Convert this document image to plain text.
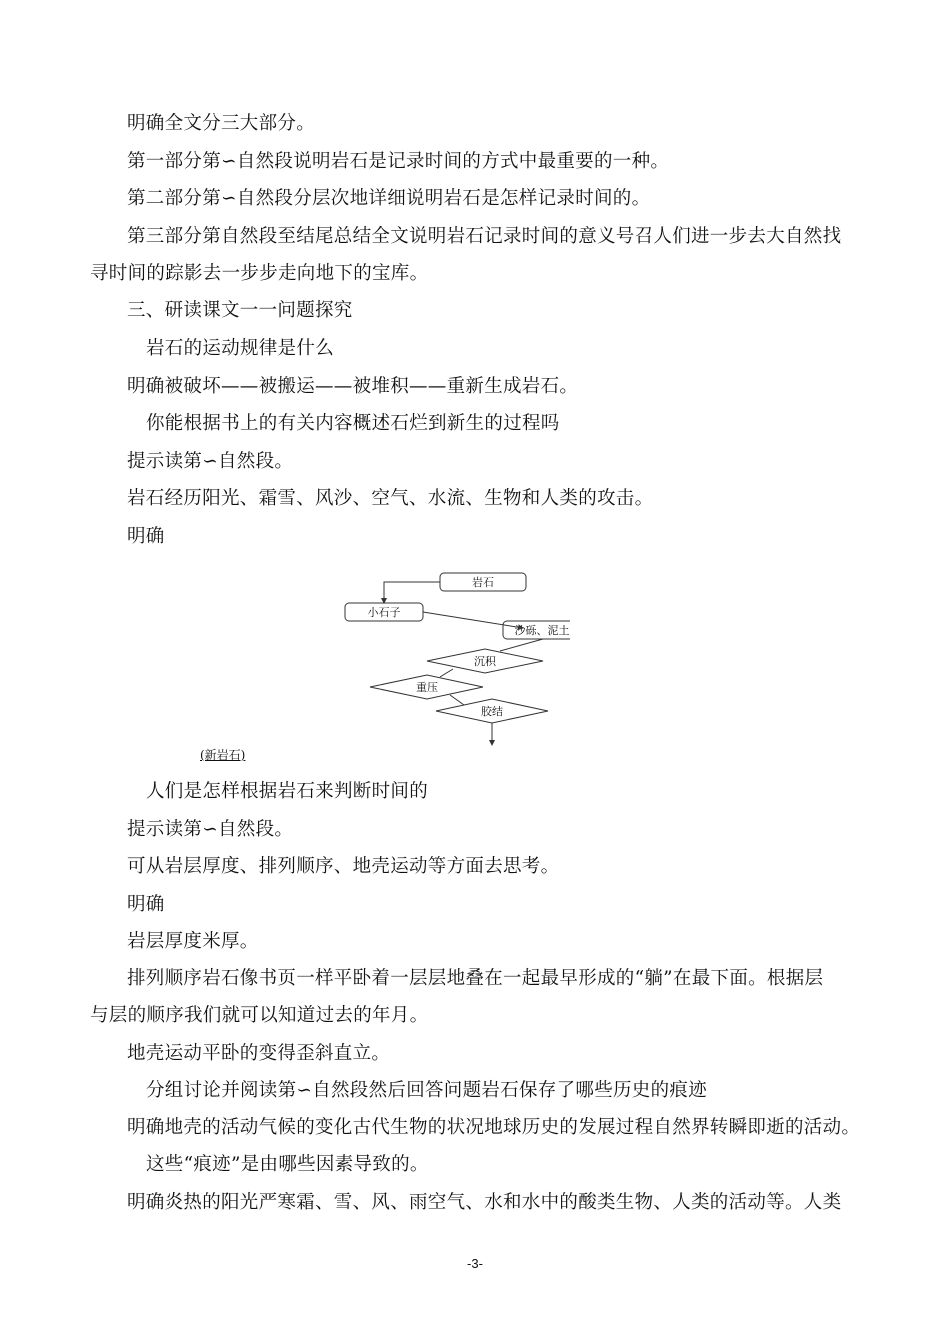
明确全文分三大部分。
第一部分第∽自然段说明岩石是记录时间的方式中最重要的一种。
第二部分第∽自然段分层次地详细说明岩石是怎样记录时间的。
第三部分第自然段至结尾总结全文说明岩石记录时间的意义号召人们进一步去大自然找
寻时间的踪影去一步步走向地下的宝库。
三、研读课文一一问题探究
岩石的运动规律是什么
明确被破坏——被搬运——被堆积——重新生成岩石。
你能根据书上的有关内容概述石烂到新生的过程吗
提示读第∽自然段。
岩石经历阳光、霜雪、风沙、空气、水流、生物和人类的攻击。
明确
岩石
小石子
沙砾、泥土
沉积
重压
胶结
(新岩石)
人们是怎样根据岩石来判断时间的
提示读第∽自然段。
可从岩层厚度、排列顺序、地壳运动等方面去思考。
明确
岩层厚度米厚。
排列顺序岩石像书页一样平卧着一层层地叠在一起最早形成的“躺”在最下面。根据层
与层的顺序我们就可以知道过去的年月。
地壳运动平卧的变得歪斜直立。
分组讨论并阅读第∽自然段然后回答问题岩石保存了哪些历史的痕迹
明确地壳的活动气候的变化古代生物的状况地球历史的发展过程自然界转瞬即逝的活动。
这些“痕迹”是由哪些因素导致的。
明确炎热的阳光严寒霜、雪、风、雨空气、水和水中的酸类生物、人类的活动等。人类
-3-
